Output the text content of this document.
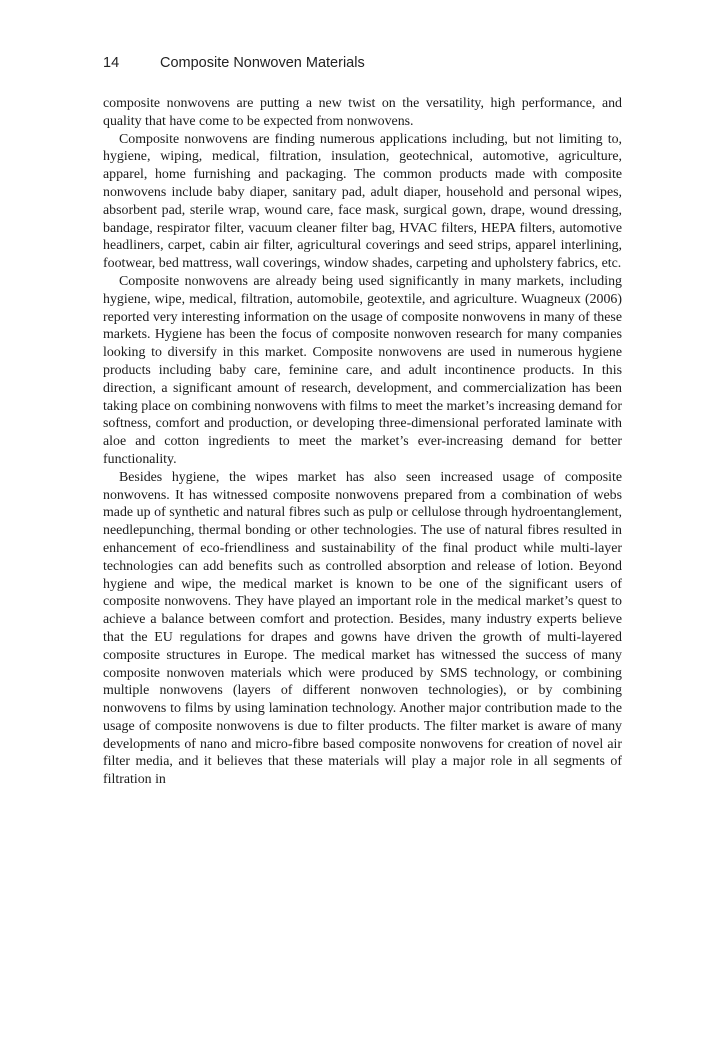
14	Composite Nonwoven Materials

composite nonwovens are putting a new twist on the versatility, high performance, and quality that have come to be expected from nonwovens.

Composite nonwovens are finding numerous applications including, but not limiting to, hygiene, wiping, medical, filtration, insulation, geotechnical, automotive, agriculture, apparel, home furnishing and packaging. The common products made with composite nonwovens include baby diaper, sanitary pad, adult diaper, household and personal wipes, absorbent pad, sterile wrap, wound care, face mask, surgical gown, drape, wound dressing, bandage, respirator filter, vacuum cleaner filter bag, HVAC filters, HEPA filters, automotive headliners, carpet, cabin air filter, agricultural coverings and seed strips, apparel interlining, footwear, bed mattress, wall coverings, window shades, carpeting and upholstery fabrics, etc.

Composite nonwovens are already being used significantly in many markets, including hygiene, wipe, medical, filtration, automobile, geotextile, and agriculture. Wuagneux (2006) reported very interesting information on the usage of composite nonwovens in many of these markets. Hygiene has been the focus of composite nonwoven research for many companies looking to diversify in this market. Composite nonwovens are used in numerous hygiene products including baby care, feminine care, and adult incontinence products. In this direction, a significant amount of research, development, and commercialization has been taking place on combining nonwovens with films to meet the market’s increasing demand for softness, comfort and production, or developing three-dimensional perforated laminate with aloe and cotton ingredients to meet the market’s ever-increasing demand for better functionality.

Besides hygiene, the wipes market has also seen increased usage of composite nonwovens. It has witnessed composite nonwovens prepared from a combination of webs made up of synthetic and natural fibres such as pulp or cellulose through hydroentanglement, needlepunching, thermal bonding or other technologies. The use of natural fibres resulted in enhancement of eco-friendliness and sustainability of the final product while multi-layer technologies can add benefits such as controlled absorption and release of lotion. Beyond hygiene and wipe, the medical market is known to be one of the significant users of composite nonwovens. They have played an important role in the medical market’s quest to achieve a balance between comfort and protection. Besides, many industry experts believe that the EU regulations for drapes and gowns have driven the growth of multi-layered composite structures in Europe. The medical market has witnessed the success of many composite nonwoven materials which were produced by SMS technology, or combining multiple nonwovens (layers of different nonwoven technologies), or by combining nonwovens to films by using lamination technology. Another major contribution made to the usage of composite nonwovens is due to filter products. The filter market is aware of many developments of nano and micro-fibre based composite nonwovens for creation of novel air filter media, and it believes that these materials will play a major role in all segments of filtration in
